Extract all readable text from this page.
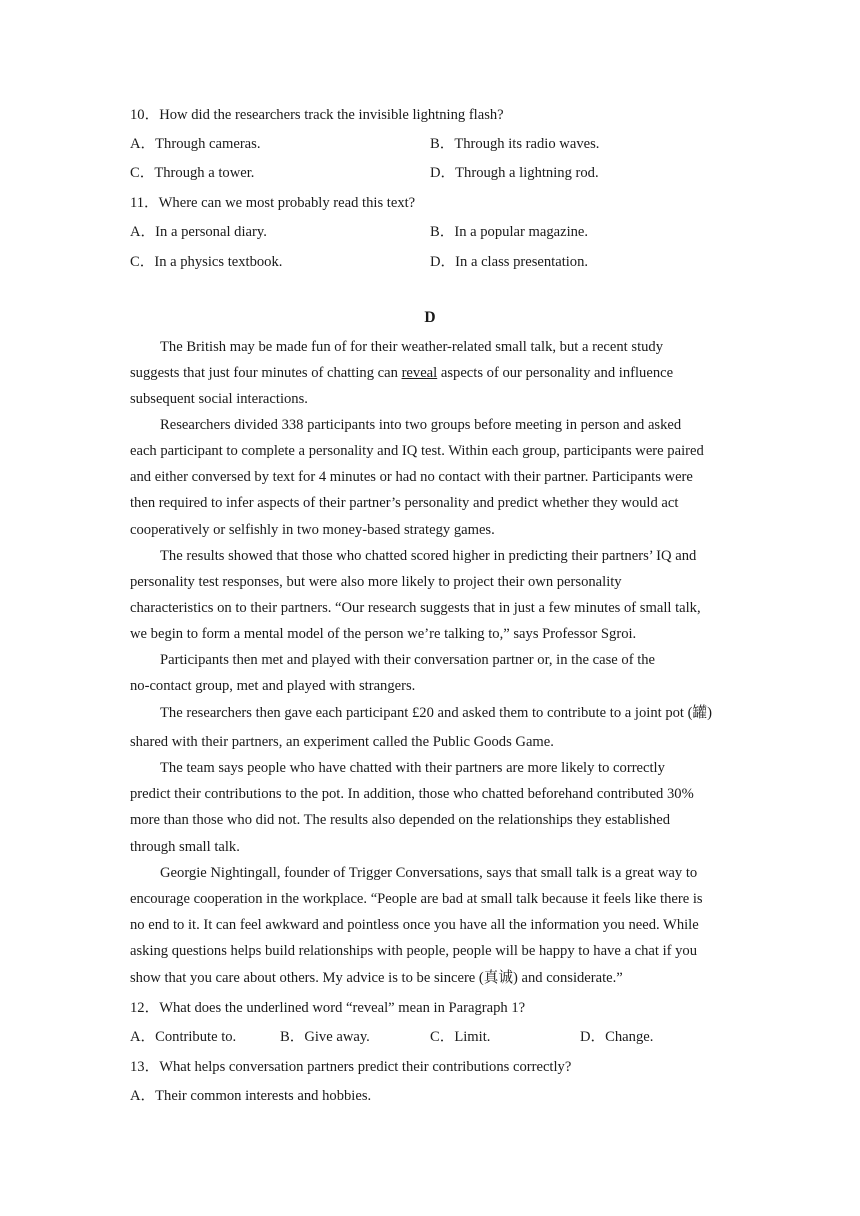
10．How did the researchers track the invisible lightning flash?
A．Through cameras.	B．Through its radio waves.
C．Through a tower.	D．Through a lightning rod.
11．Where can we most probably read this text?
A．In a personal diary.	B．In a popular magazine.
C．In a physics textbook.	D．In a class presentation.
D
The British may be made fun of for their weather-related small talk, but a recent study
suggests that just four minutes of chatting can reveal aspects of our personality and influence
subsequent social interactions.
Researchers divided 338 participants into two groups before meeting in person and asked
each participant to complete a personality and IQ test. Within each group, participants were paired
and either conversed by text for 4 minutes or had no contact with their partner. Participants were
then required to infer aspects of their partner’s personality and predict whether they would act
cooperatively or selfishly in two money-based strategy games.
The results showed that those who chatted scored higher in predicting their partners’ IQ and
personality test responses, but were also more likely to project their own personality
characteristics on to their partners. “Our research suggests that in just a few minutes of small talk,
we begin to form a mental model of the person we’re talking to,” says Professor Sgroi.
Participants then met and played with their conversation partner or, in the case of the
no-contact group, met and played with strangers.
The researchers then gave each participant £20 and asked them to contribute to a joint pot (罐)
shared with their partners, an experiment called the Public Goods Game.
The team says people who have chatted with their partners are more likely to correctly
predict their contributions to the pot. In addition, those who chatted beforehand contributed 30%
more than those who did not. The results also depended on the relationships they established
through small talk.
Georgie Nightingall, founder of Trigger Conversations, says that small talk is a great way to
encourage cooperation in the workplace. “People are bad at small talk because it feels like there is
no end to it. It can feel awkward and pointless once you have all the information you need. While
asking questions helps build relationships with people, people will be happy to have a chat if you
show that you care about others. My advice is to be sincere (真诚) and considerate.”
12．What does the underlined word “reveal” mean in Paragraph 1?
A．Contribute to.	B．Give away.	C．Limit.	D．Change.
13．What helps conversation partners predict their contributions correctly?
A．Their common interests and hobbies.
